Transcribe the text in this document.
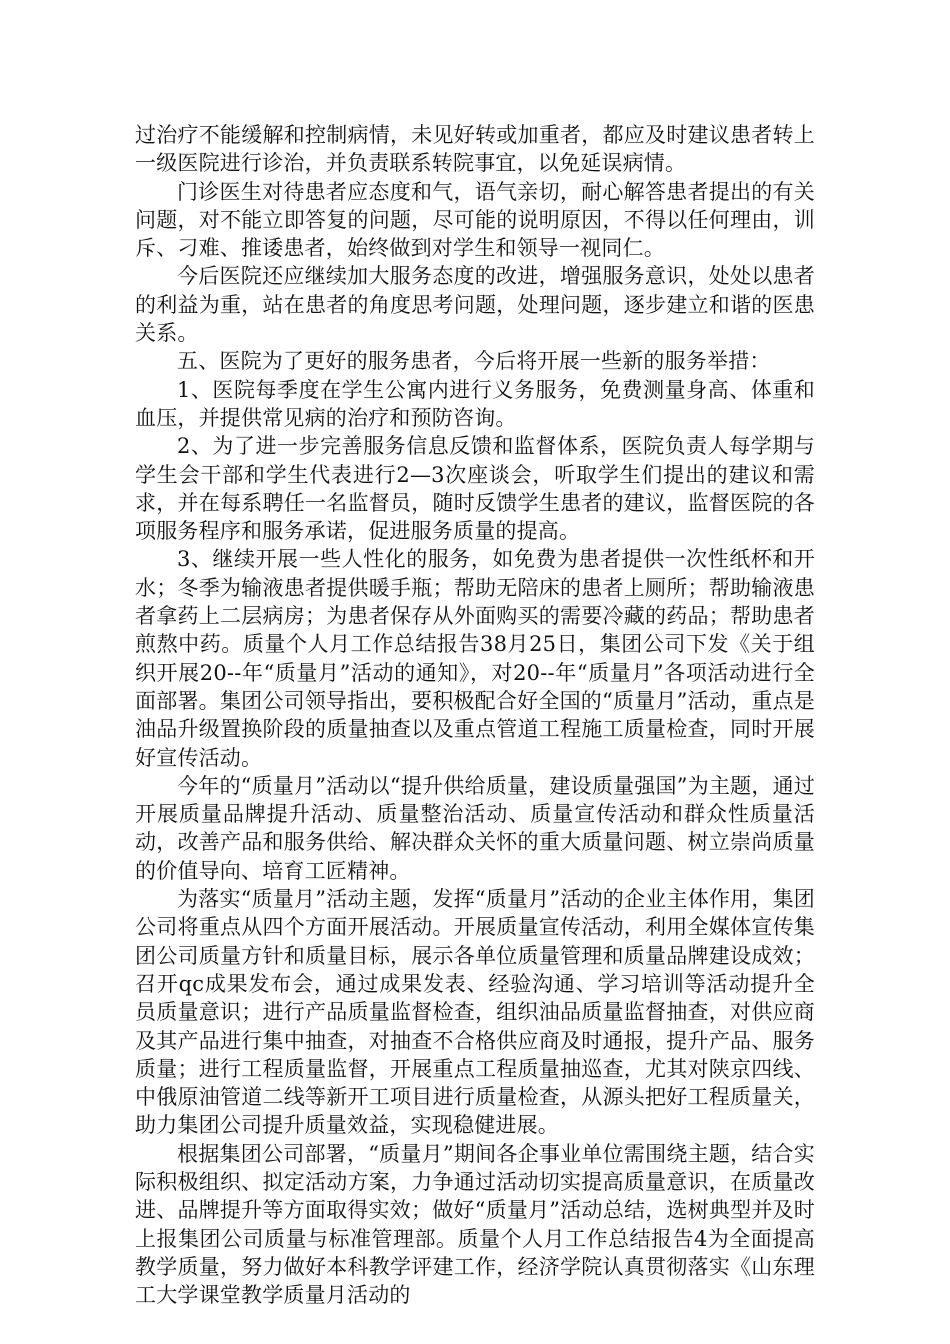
过治疗不能缓解和控制病情，未见好转或加重者，都应及时建议患者转上一级医院进行诊治，并负责联系转院事宜，以免延误病情。

门诊医生对待患者应态度和气，语气亲切，耐心解答患者提出的有关问题，对不能立即答复的问题，尽可能的说明原因，不得以任何理由，训斥、刁难、推诿患者，始终做到对学生和领导一视同仁。

今后医院还应继续加大服务态度的改进，增强服务意识，处处以患者的利益为重，站在患者的角度思考问题，处理问题，逐步建立和谐的医患关系。

五、医院为了更好的服务患者，今后将开展一些新的服务举措：

1、医院每季度在学生公寓内进行义务服务，免费测量身高、体重和血压，并提供常见病的治疗和预防咨询。

2、为了进一步完善服务信息反馈和监督体系，医院负责人每学期与学生会干部和学生代表进行2—3次座谈会，听取学生们提出的建议和需求，并在每系聘任一名监督员，随时反馈学生患者的建议，监督医院的各项服务程序和服务承诺，促进服务质量的提高。

3、继续开展一些人性化的服务，如免费为患者提供一次性纸杯和开水；冬季为输液患者提供暖手瓶；帮助无陪床的患者上厕所；帮助输液患者拿药上二层病房；为患者保存从外面购买的需要冷藏的药品；帮助患者煎熬中药。质量个人月工作总结报告38月25日，集团公司下发《关于组织开展20--年“质量月”活动的通知》，对20--年“质量月”各项活动进行全面部署。集团公司领导指出，要积极配合好全国的“质量月”活动，重点是油品升级置换阶段的质量抽查以及重点管道工程施工质量检查，同时开展好宣传活动。

今年的“质量月”活动以“提升供给质量，建设质量强国”为主题，通过开展质量品牌提升活动、质量整治活动、质量宣传活动和群众性质量活动，改善产品和服务供给、解决群众关怀的重大质量问题、树立崇尚质量的价值导向、培育工匠精神。

为落实“质量月”活动主题，发挥“质量月”活动的企业主体作用，集团公司将重点从四个方面开展活动。开展质量宣传活动，利用全媒体宣传集团公司质量方针和质量目标，展示各单位质量管理和质量品牌建设成效；召开qc成果发布会，通过成果发表、经验沟通、学习培训等活动提升全员质量意识；进行产品质量监督检查，组织油品质量监督抽查，对供应商及其产品进行集中抽查，对抽查不合格供应商及时通报，提升产品、服务质量；进行工程质量监督，开展重点工程质量抽巡查，尤其对陕京四线、中俄原油管道二线等新开工项目进行质量检查，从源头把好工程质量关，助力集团公司提升质量效益，实现稳健进展。

根据集团公司部署，“质量月”期间各企事业单位需围绕主题，结合实际积极组织、拟定活动方案，力争通过活动切实提高质量意识，在质量改进、品牌提升等方面取得实效；做好“质量月”活动总结，选树典型并及时上报集团公司质量与标准管理部。质量个人月工作总结报告4为全面提高教学质量，努力做好本科教学评建工作，经济学院认真贯彻落实《山东理工大学课堂教学质量月活动的
